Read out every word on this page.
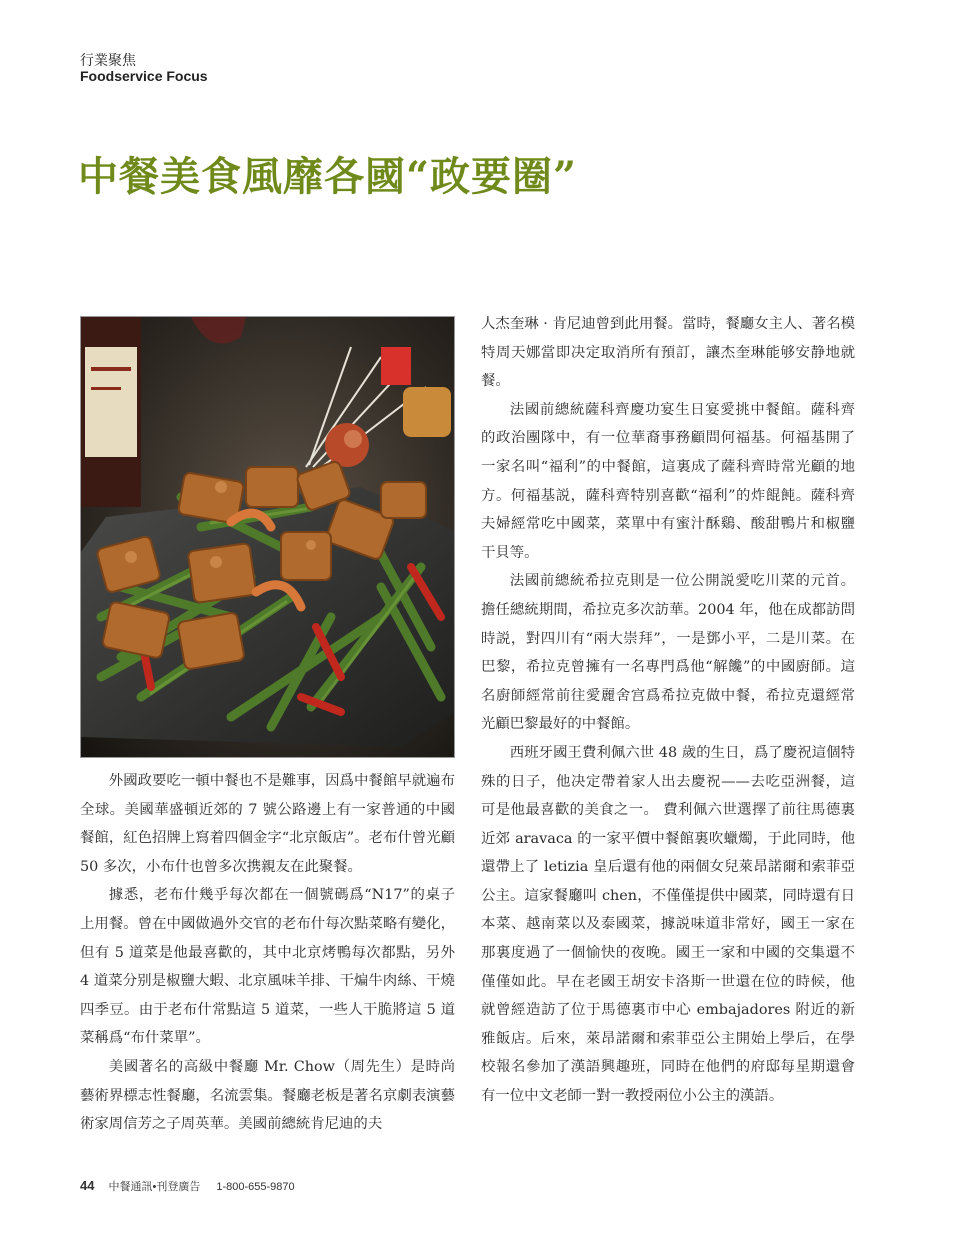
行業聚焦
Foodservice Focus
中餐美食風靡各國“政要圈”

外國政要吃一頓中餐也不是難事，因爲中餐館早就遍布全球。美國華盛頓近郊的 7 號公路邊上有一家普通的中國餐館，紅色招牌上寫着四個金字“北京飯店”。老布什曾光顧 50 多次，小布什也曾多次携親友在此聚餐。

據悉，老布什幾乎每次都在一個號碼爲“N17”的桌子上用餐。曾在中國做過外交官的老布什每次點菜略有變化，但有 5 道菜是他最喜歡的，其中北京烤鴨每次都點，另外 4 道菜分别是椒鹽大蝦、北京風味羊排、干煸牛肉絲、干燒四季豆。由于老布什常點這 5 道菜，一些人干脆將這 5 道菜稱爲“布什菜單”。

美國著名的高級中餐廳 Mr. Chow（周先生）是時尚藝術界標志性餐廳，名流雲集。餐廳老板是著名京劇表演藝術家周信芳之子周英華。美國前總統肯尼迪的夫

人杰奎琳 · 肯尼迪曾到此用餐。當時，餐廳女主人、著名模特周天娜當即决定取消所有預訂，讓杰奎琳能够安静地就餐。

法國前總統薩科齊慶功宴生日宴愛挑中餐館。薩科齊的政治團隊中，有一位華裔事務顧問何福基。何福基開了一家名叫“福利”的中餐館，這裏成了薩科齊時常光顧的地方。何福基説，薩科齊特别喜歡“福利”的炸餛飩。薩科齊夫婦經常吃中國菜，菜單中有蜜汁酥鷄、酸甜鴨片和椒鹽干貝等。

法國前總統希拉克則是一位公開説愛吃川菜的元首。擔任總統期間，希拉克多次訪華。2004 年，他在成都訪問時説，對四川有“兩大崇拜”，一是鄧小平，二是川菜。在巴黎，希拉克曾擁有一名專門爲他“解饞”的中國廚師。這名廚師經常前往愛麗舍宫爲希拉克做中餐，希拉克還經常光顧巴黎最好的中餐館。

西班牙國王費利佩六世 48 歲的生日，爲了慶祝這個特殊的日子，他决定帶着家人出去慶祝——去吃亞洲餐，這可是他最喜歡的美食之一。 費利佩六世選擇了前往馬德裏近郊 aravaca 的一家平價中餐館裏吹蠟燭，于此同時，他還帶上了 letizia 皇后還有他的兩個女兒萊昂諾爾和索菲亞公主。這家餐廳叫 chen，不僅僅提供中國菜，同時還有日本菜、越南菜以及泰國菜，據説味道非常好，國王一家在那裏度過了一個愉快的夜晚。國王一家和中國的交集還不僅僅如此。早在老國王胡安卡洛斯一世還在位的時候，他就曾經造訪了位于馬德裏市中心 embajadores 附近的新雅飯店。后來，萊昂諾爾和索菲亞公主開始上學后，在學校報名參加了漢語興趣班，同時在他們的府邸每星期還會有一位中文老師一對一教授兩位小公主的漢語。

44 中餐通訊•刊登廣告 1-800-655-9870
